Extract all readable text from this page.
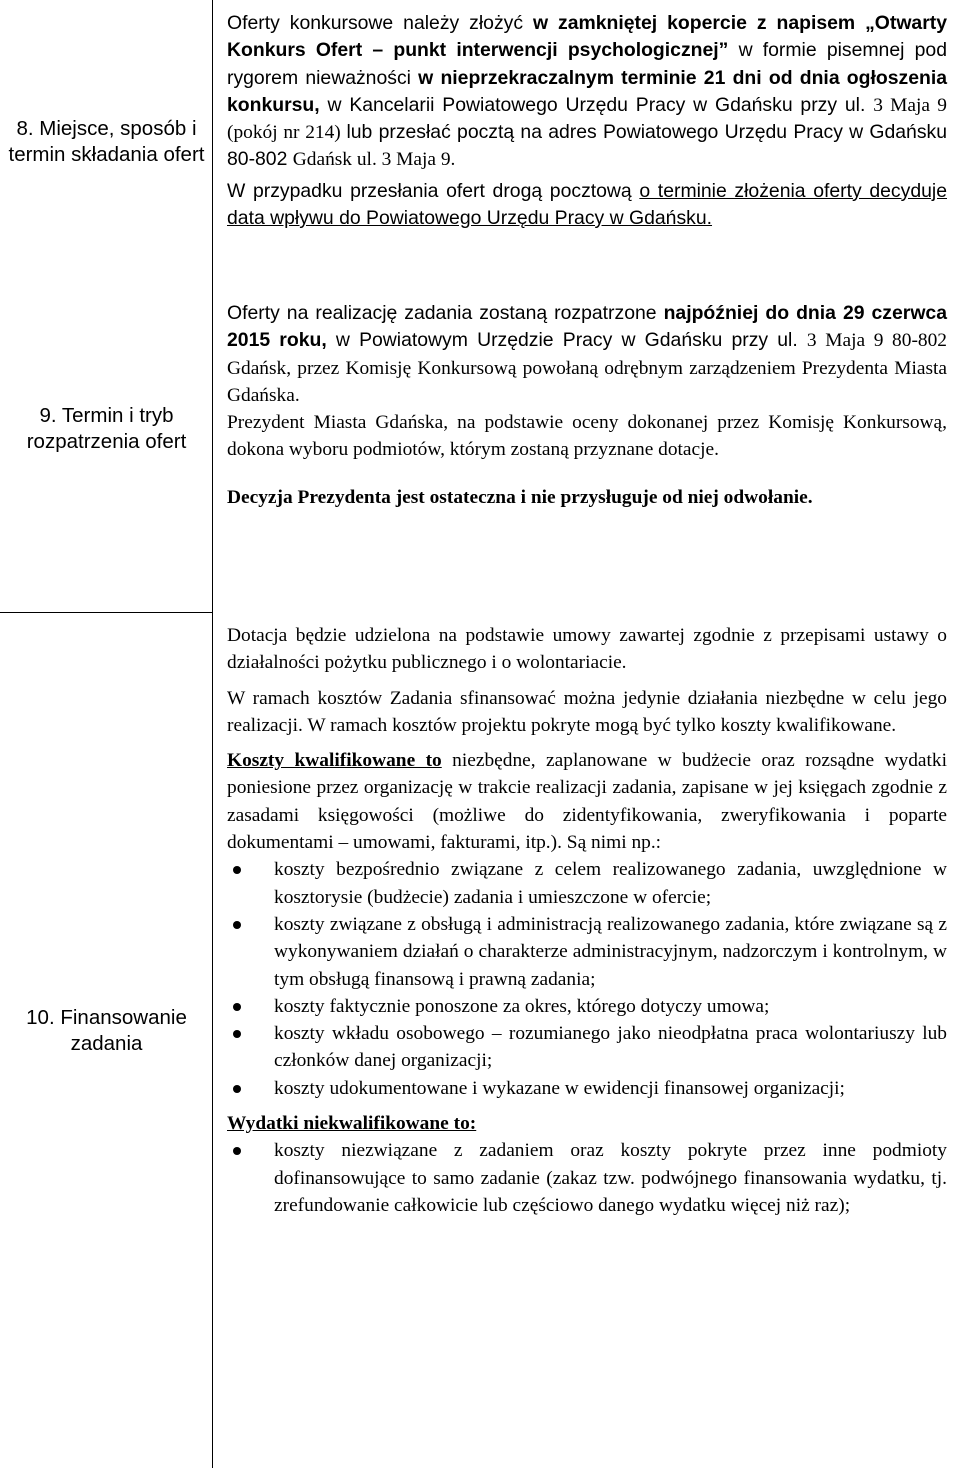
8. Miejsce, sposób i termin składania ofert
9. Termin i tryb rozpatrzenia ofert
10. Finansowanie zadania

Oferty konkursowe należy złożyć w zamkniętej kopercie z napisem „Otwarty Konkurs Ofert – punkt interwencji psychologicznej” w formie pisemnej pod rygorem nieważności w nieprzekraczalnym terminie 21 dni od dnia ogłoszenia konkursu, w Kancelarii Powiatowego Urzędu Pracy w Gdańsku przy ul. 3 Maja 9 (pokój nr 214) lub przesłać pocztą na adres Powiatowego Urzędu Pracy w Gdańsku 80-802 Gdańsk ul. 3 Maja 9.

W przypadku przesłania ofert drogą pocztową o terminie złożenia oferty decyduje data wpływu do Powiatowego Urzędu Pracy w Gdańsku.

Oferty na realizację zadania zostaną rozpatrzone najpóźniej do dnia 29 czerwca 2015 roku, w Powiatowym Urzędzie Pracy w Gdańsku przy ul. 3 Maja 9 80-802 Gdańsk, przez Komisję Konkursową powołaną odrębnym zarządzeniem Prezydenta Miasta Gdańska.

Prezydent Miasta Gdańska, na podstawie oceny dokonanej przez Komisję Konkursową, dokona wyboru podmiotów, którym zostaną przyznane dotacje.

Decyzja Prezydenta jest ostateczna i nie przysługuje od niej odwołanie.

Dotacja będzie udzielona na podstawie umowy zawartej zgodnie z przepisami ustawy o działalności pożytku publicznego i o wolontariacie.

W ramach kosztów Zadania sfinansować można jedynie działania niezbędne w celu jego realizacji. W ramach kosztów projektu pokryte mogą być tylko koszty kwalifikowane.

Koszty kwalifikowane to niezbędne, zaplanowane w budżecie oraz rozsądne wydatki poniesione przez organizację w trakcie realizacji zadania, zapisane w jej księgach zgodnie z zasadami księgowości (możliwe do zidentyfikowania, zweryfikowania i poparte dokumentami – umowami, fakturami, itp.). Są nimi np.:

koszty bezpośrednio związane z celem realizowanego zadania, uwzględnione w kosztorysie (budżecie) zadania i umieszczone w ofercie;
koszty związane z obsługą i administracją realizowanego zadania, które związane są z wykonywaniem działań o charakterze administracyjnym, nadzorczym i kontrolnym, w tym obsługą finansową i prawną zadania;
koszty faktycznie ponoszone za okres, którego dotyczy umowa;
koszty wkładu osobowego – rozumianego jako nieodpłatna praca wolontariuszy lub członków danej organizacji;
koszty udokumentowane i wykazane w ewidencji finansowej organizacji;

Wydatki niekwalifikowane to:

koszty niezwiązane z zadaniem oraz koszty pokryte przez inne podmioty dofinansowujące to samo zadanie (zakaz tzw. podwójnego finansowania wydatku, tj. zrefundowanie całkowicie lub częściowo danego wydatku więcej niż raz);
